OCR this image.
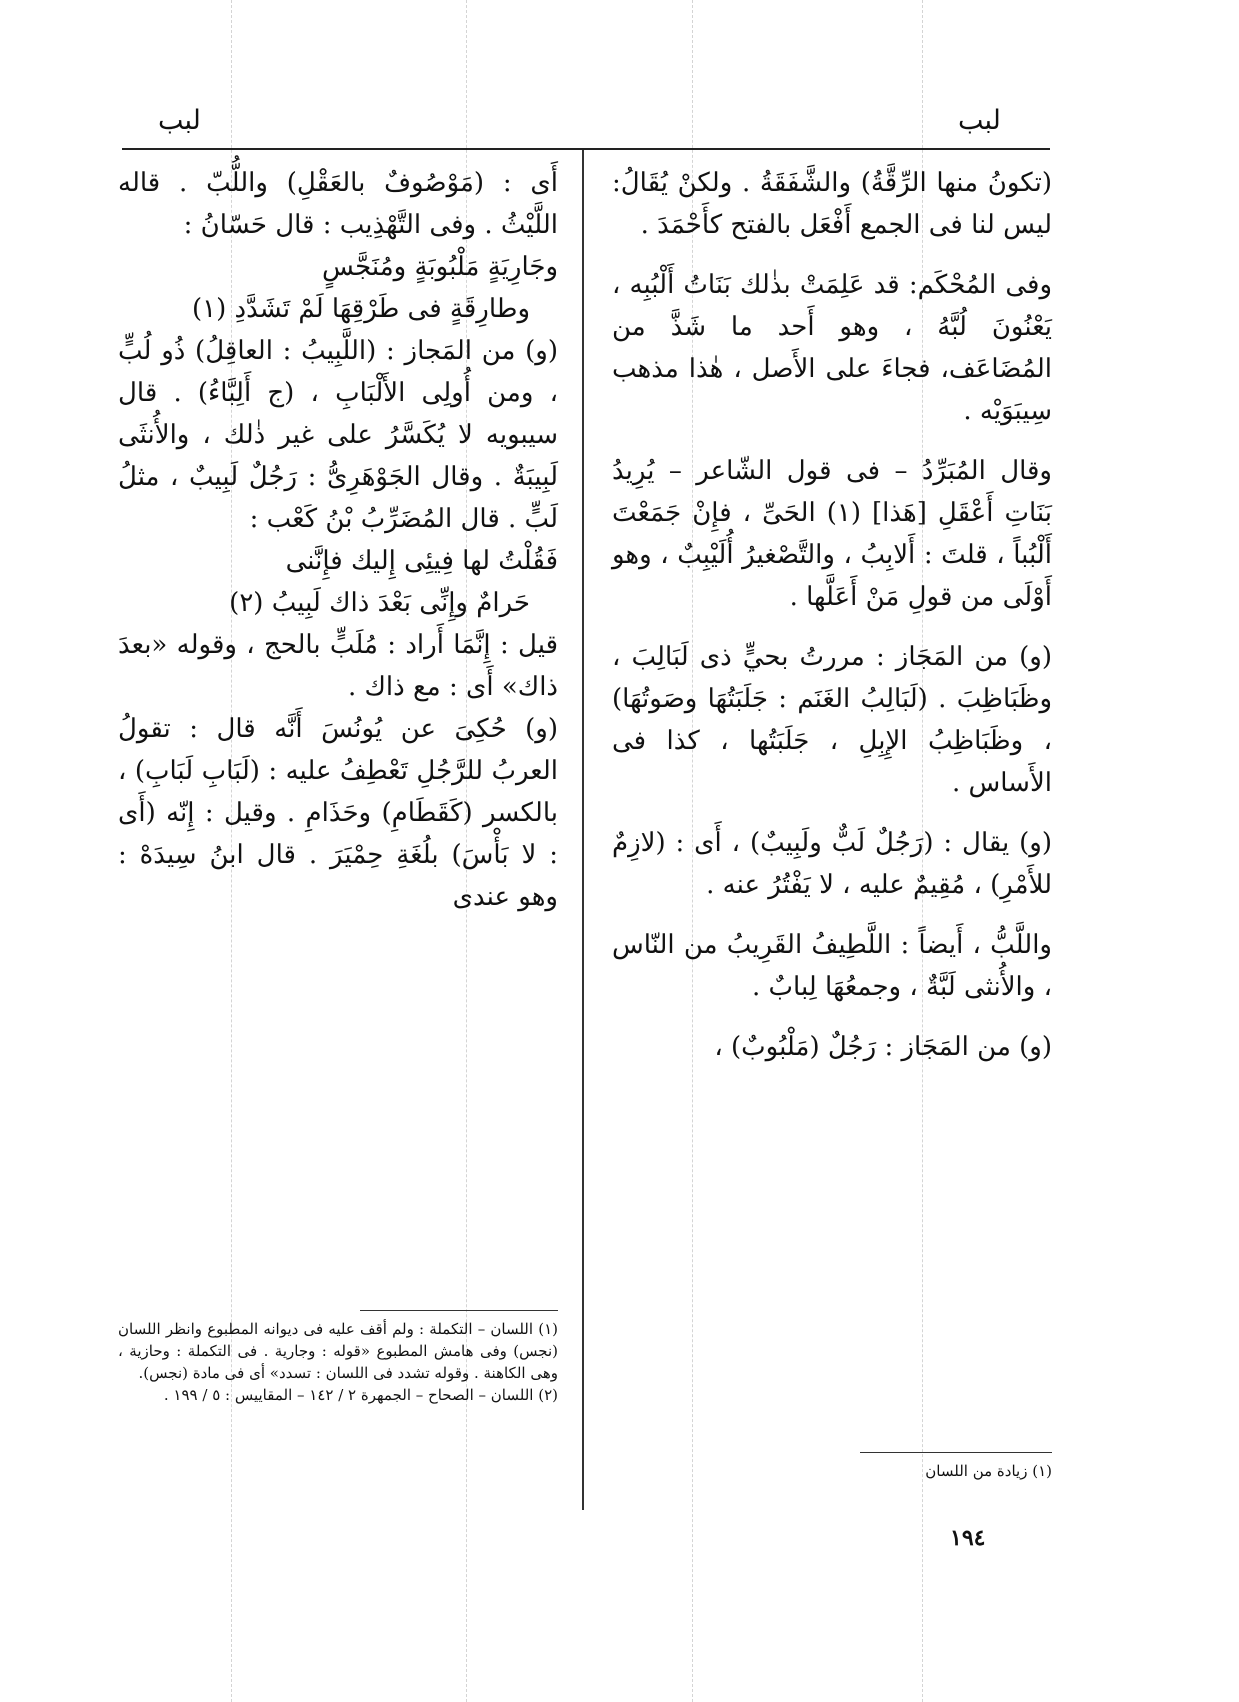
لبب	لبب

(تكونُ منها الرِّقَّةُ) والشَّفَقَةُ . ولكنْ يُقَالُ: ليس لنا فى الجمع أَفْعَل بالفتح كأَحْمَدَ .

وفى المُحْكَم: قد عَلِمَتْ بذٰلك بَنَاتُ أَلْبُبِه ، يَعْنُونَ لُبَّهُ ، وهو أَحد ما شَذَّ من المُضَاعَف، فجاءَ على الأَصل ، هٰذا مذهب سِيبَوَيْه .

وقال المُبَرِّدُ – فى قول الشّاعر – يُرِيدُ بَنَاتِ أَعْقَلِ [هَذا] (١) الحَىِّ ، فإِنْ جَمَعْتَ أَلْبُباً ، قلتَ : أَلابِبُ ، والتَّصْغيرُ أُلَيْبِبٌ ، وهو أَوْلَى من قولِ مَنْ أَعَلَّها .

(و) من المَجَاز : مررتُ بحيٍّ ذى لَبَالِبَ ، وظَبَاظِبَ . (لَبَالِبُ الغَنَم : جَلَبَتُهَا وصَوتُهَا) ، وظَبَاظِبُ الإِبِلِ ، جَلَبَتُها ، كذا فى الأَساس .

(و) يقال : (رَجُلٌ لَبٌّ ولَبِيبٌ) ، أَى : (لازِمٌ للأَمْرِ) ، مُقِيمٌ عليه ، لا يَفْتُرُ عنه .

واللَّبُّ ، أَيضاً : اللَّطِيفُ القَرِيبُ من النّاس ، والأُنثى لَبَّةٌ ، وجمعُهَا لِبابٌ .

(و) من المَجَاز : رَجُلٌ (مَلْبُوبٌ) ،

(١) زيادة من اللسان

أَى : (مَوْصُوفٌ بالعَقْلِ) واللُّبّ . قاله اللَّيْثُ . وفى التَّهْذِيب : قال حَسّانُ :

وجَارِيَةٍ مَلْبُوبَةٍ ومُنَجَّسٍ

وطارِقَةٍ فى طَرْقِهَا لَمْ تَشَدَّدِ (١)

(و) من المَجاز : (اللَّبِيبُ : العاقِلُ) ذُو لُبٍّ ، ومن أُولِى الأَلْبَابِ ، (ج أَلِبَّاءُ) . قال سيبويه لا يُكَسَّرُ على غير ذٰلك ، والأُنثَى لَبِيبَةٌ . وقال الجَوْهَرِىُّ : رَجُلٌ لَبِيبٌ ، مثلُ لَبٍّ . قال المُضَرِّبُ بْنُ كَعْب :

فَقُلْتُ لها فِيئِى إِليك فإِنَّنى

حَرامٌ وإِنِّى بَعْدَ ذاك لَبِيبُ (٢)

قيل : إِنَّمَا أَراد : مُلَبٍّ بالحج ، وقوله «بعدَ ذاك» أَى : مع ذاك .

(و) حُكِىَ عن يُونُسَ أَنَّه قال : تقولُ العربُ للرَّجُلِ تَعْطِفُ عليه : (لَبَابِ لَبَابِ) ، بالكسر (كَقَطَامِ) وحَذَامِ . وقيل : إِنّه (أَى : لا بَأْسَ) بلُغَةِ حِمْيَرَ . قال ابنُ سِيدَهْ : وهو عندى

(١) اللسان – التكملة : ولم أقف عليه فى ديوانه المطبوع وانظر اللسان (نجس) وفى هامش المطبوع «قوله : وجارية . فى التكملة : وحازية ، وهى الكاهنة . وقوله تشدد فى اللسان : تسدد» أى فى مادة (نجس).

(٢) اللسان – الصحاح – الجمهرة ٢ / ١٤٢ – المقاييس : ٥ / ١٩٩ .

١٩٤
